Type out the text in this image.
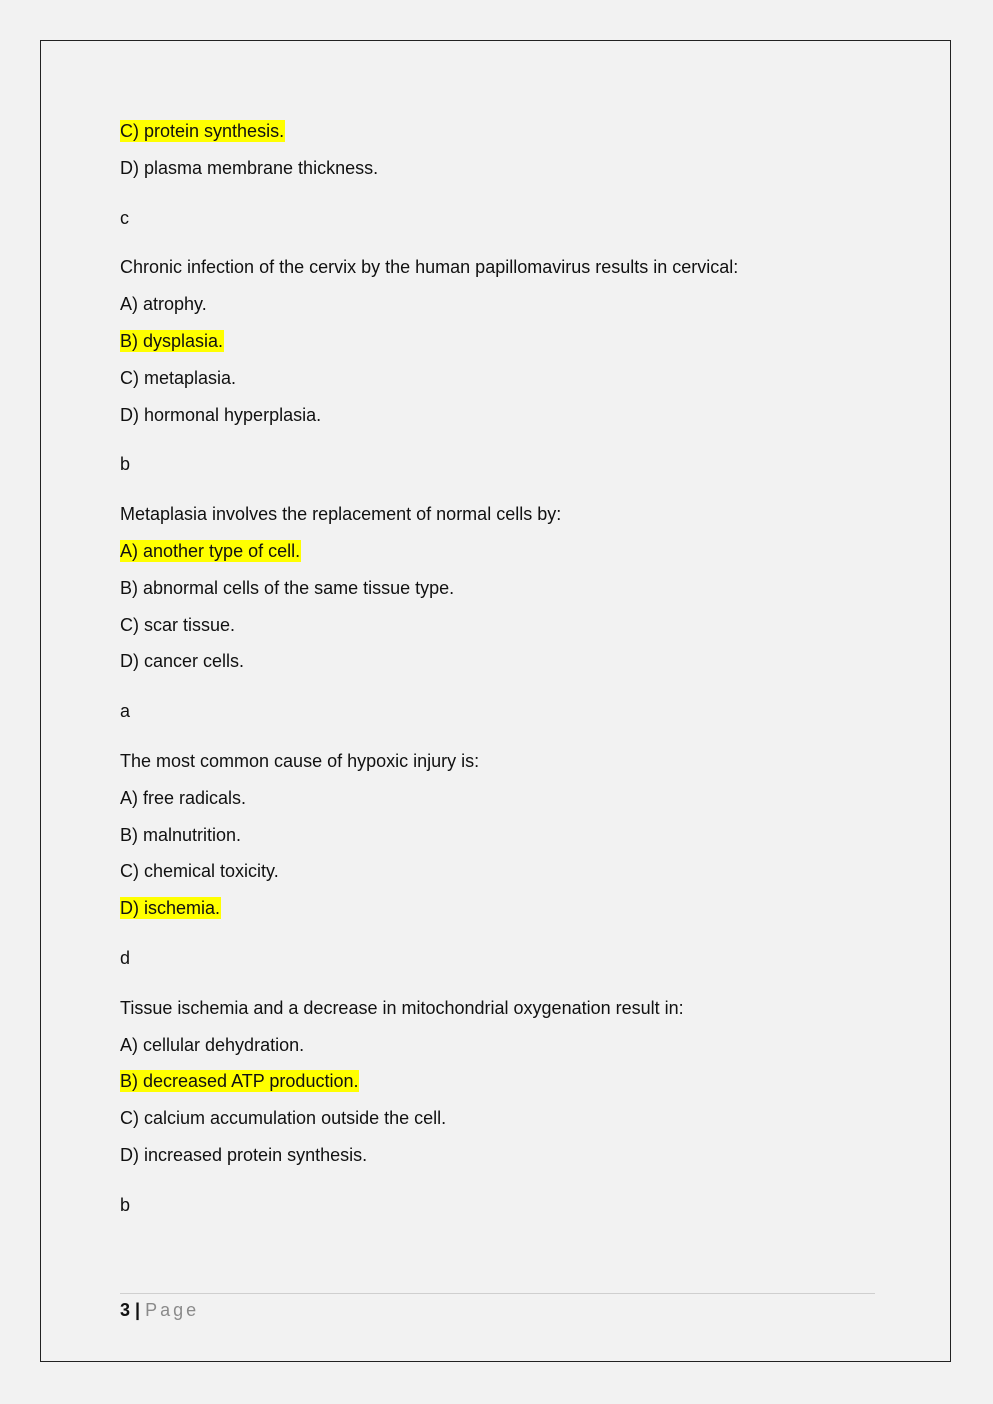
C) protein synthesis.

D) plasma membrane thickness.

c

Chronic infection of the cervix by the human papillomavirus results in cervical:

A) atrophy.

B) dysplasia.

C) metaplasia.

D) hormonal hyperplasia.

b

Metaplasia involves the replacement of normal cells by:

A) another type of cell.

B) abnormal cells of the same tissue type.

C) scar tissue.

D) cancer cells.

a

The most common cause of hypoxic injury is:

A) free radicals.

B) malnutrition.

C) chemical toxicity.

D) ischemia.

d

Tissue ischemia and a decrease in mitochondrial oxygenation result in:

A) cellular dehydration.

B) decreased ATP production.

C) calcium accumulation outside the cell.

D) increased protein synthesis.

b

3 | Page
